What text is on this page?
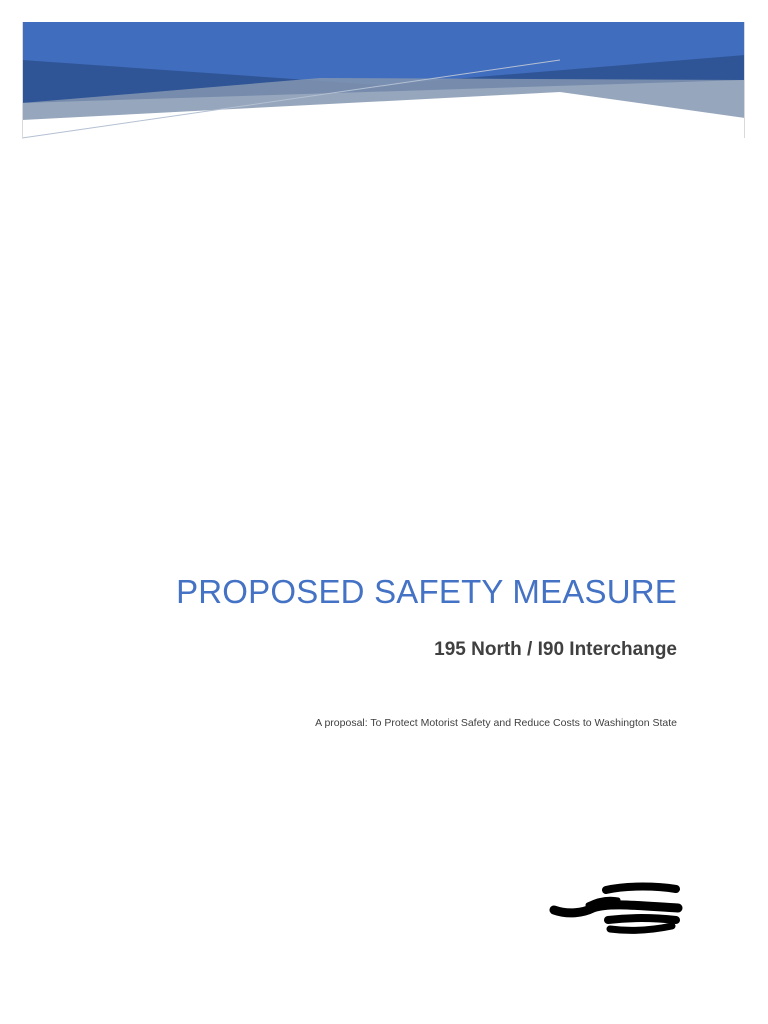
PROPOSED SAFETY MEASURE
195 North / I90 Interchange

A proposal: To Protect Motorist Safety and Reduce Costs to Washington State
